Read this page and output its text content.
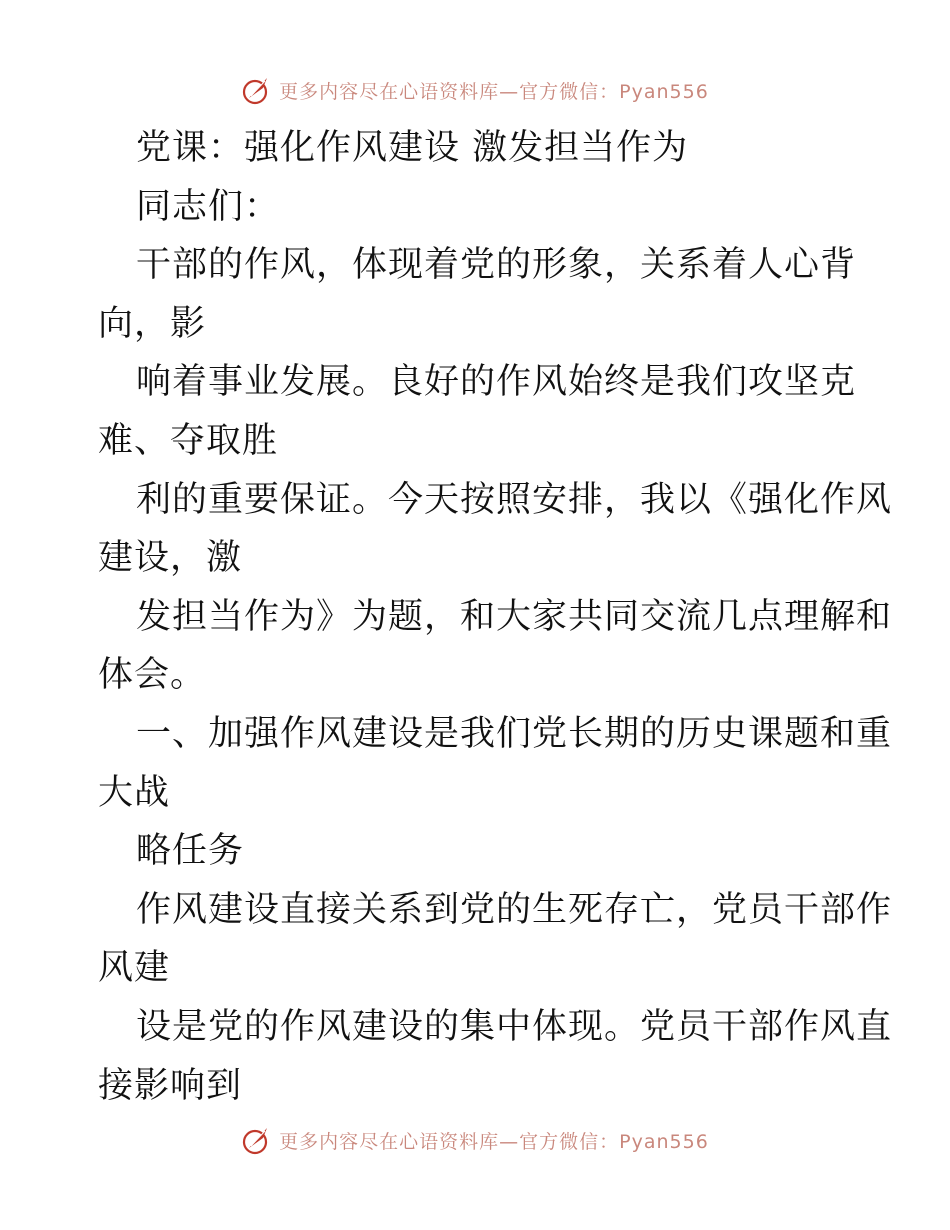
更多内容尽在心语资料库—官方微信：Pyan556
党课：强化作风建设 激发担当作为
同志们：
干部的作风，体现着党的形象，关系着人心背
向，影
响着事业发展。良好的作风始终是我们攻坚克
难、夺取胜
利的重要保证。今天按照安排，我以《强化作风
建设，激
发担当作为》为题，和大家共同交流几点理解和
体会。
一、加强作风建设是我们党长期的历史课题和重
大战
略任务
作风建设直接关系到党的生死存亡，党员干部作
风建
设是党的作风建设的集中体现。党员干部作风直
接影响到
更多内容尽在心语资料库—官方微信：Pyan556
